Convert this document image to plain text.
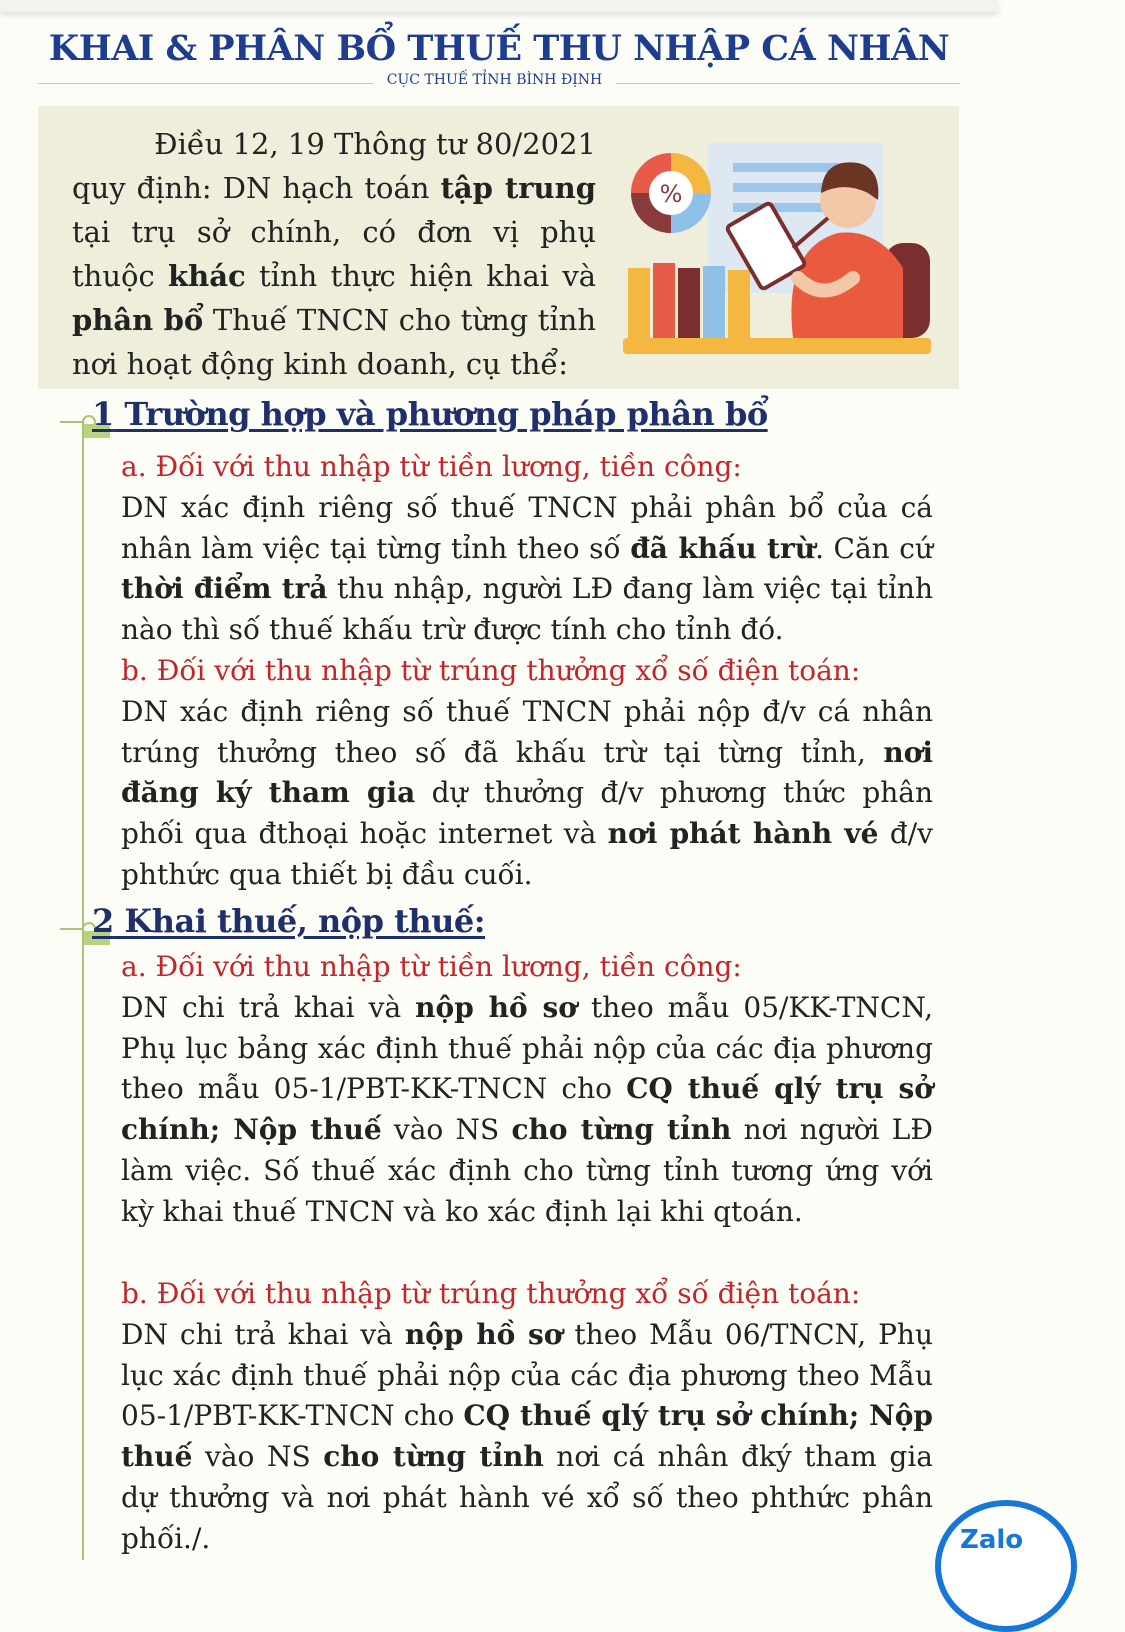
KHAI & PHÂN BỔ THUẾ THU NHẬP CÁ NHÂN
CỤC THUẾ TỈNH BÌNH ĐỊNH
Điều 12, 19 Thông tư 80/2021
quy định: DN hạch toán tập trung tại trụ sở chính, có đơn vị phụ thuộc khác tỉnh thực hiện khai và phân bổ Thuế TNCN cho từng tỉnh nơi hoạt động kinh doanh, cụ thể:
%
1 Trường hợp và phương pháp phân bổ
a. Đối với thu nhập từ tiền lương, tiền công:
DN xác định riêng số thuế TNCN phải phân bổ của cá nhân làm việc tại từng tỉnh theo số đã khấu trừ. Căn cứ thời điểm trả thu nhập, người LĐ đang làm việc tại tỉnh nào thì số thuế khấu trừ được tính cho tỉnh đó.
b. Đối với thu nhập từ trúng thưởng xổ số điện toán:
DN xác định riêng số thuế TNCN phải nộp đ/v cá nhân trúng thưởng theo số đã khấu trừ tại từng tỉnh, nơi đăng ký tham gia dự thưởng đ/v phương thức phân phối qua đthoại hoặc internet và nơi phát hành vé đ/v phthức qua thiết bị đầu cuối.
2 Khai thuế, nộp thuế:
a. Đối với thu nhập từ tiền lương, tiền công:
DN chi trả khai và nộp hồ sơ theo mẫu 05/KK-TNCN, Phụ lục bảng xác định thuế phải nộp của các địa phương theo mẫu 05-1/PBT-KK-TNCN cho CQ thuế qlý trụ sở chính; Nộp thuế vào NS cho từng tỉnh nơi người LĐ làm việc. Số thuế xác định cho từng tỉnh tương ứng với kỳ khai thuế TNCN và ko xác định lại khi qtoán.
b. Đối với thu nhập từ trúng thưởng xổ số điện toán:
DN chi trả khai và nộp hồ sơ theo Mẫu 06/TNCN, Phụ lục xác định thuế phải nộp của các địa phương theo Mẫu 05-1/PBT-KK-TNCN cho CQ thuế qlý trụ sở chính; Nộp thuế vào NS cho từng tỉnh nơi cá nhân đký tham gia dự thưởng và nơi phát hành vé xổ số theo phthức phân phối./.	Zalo
